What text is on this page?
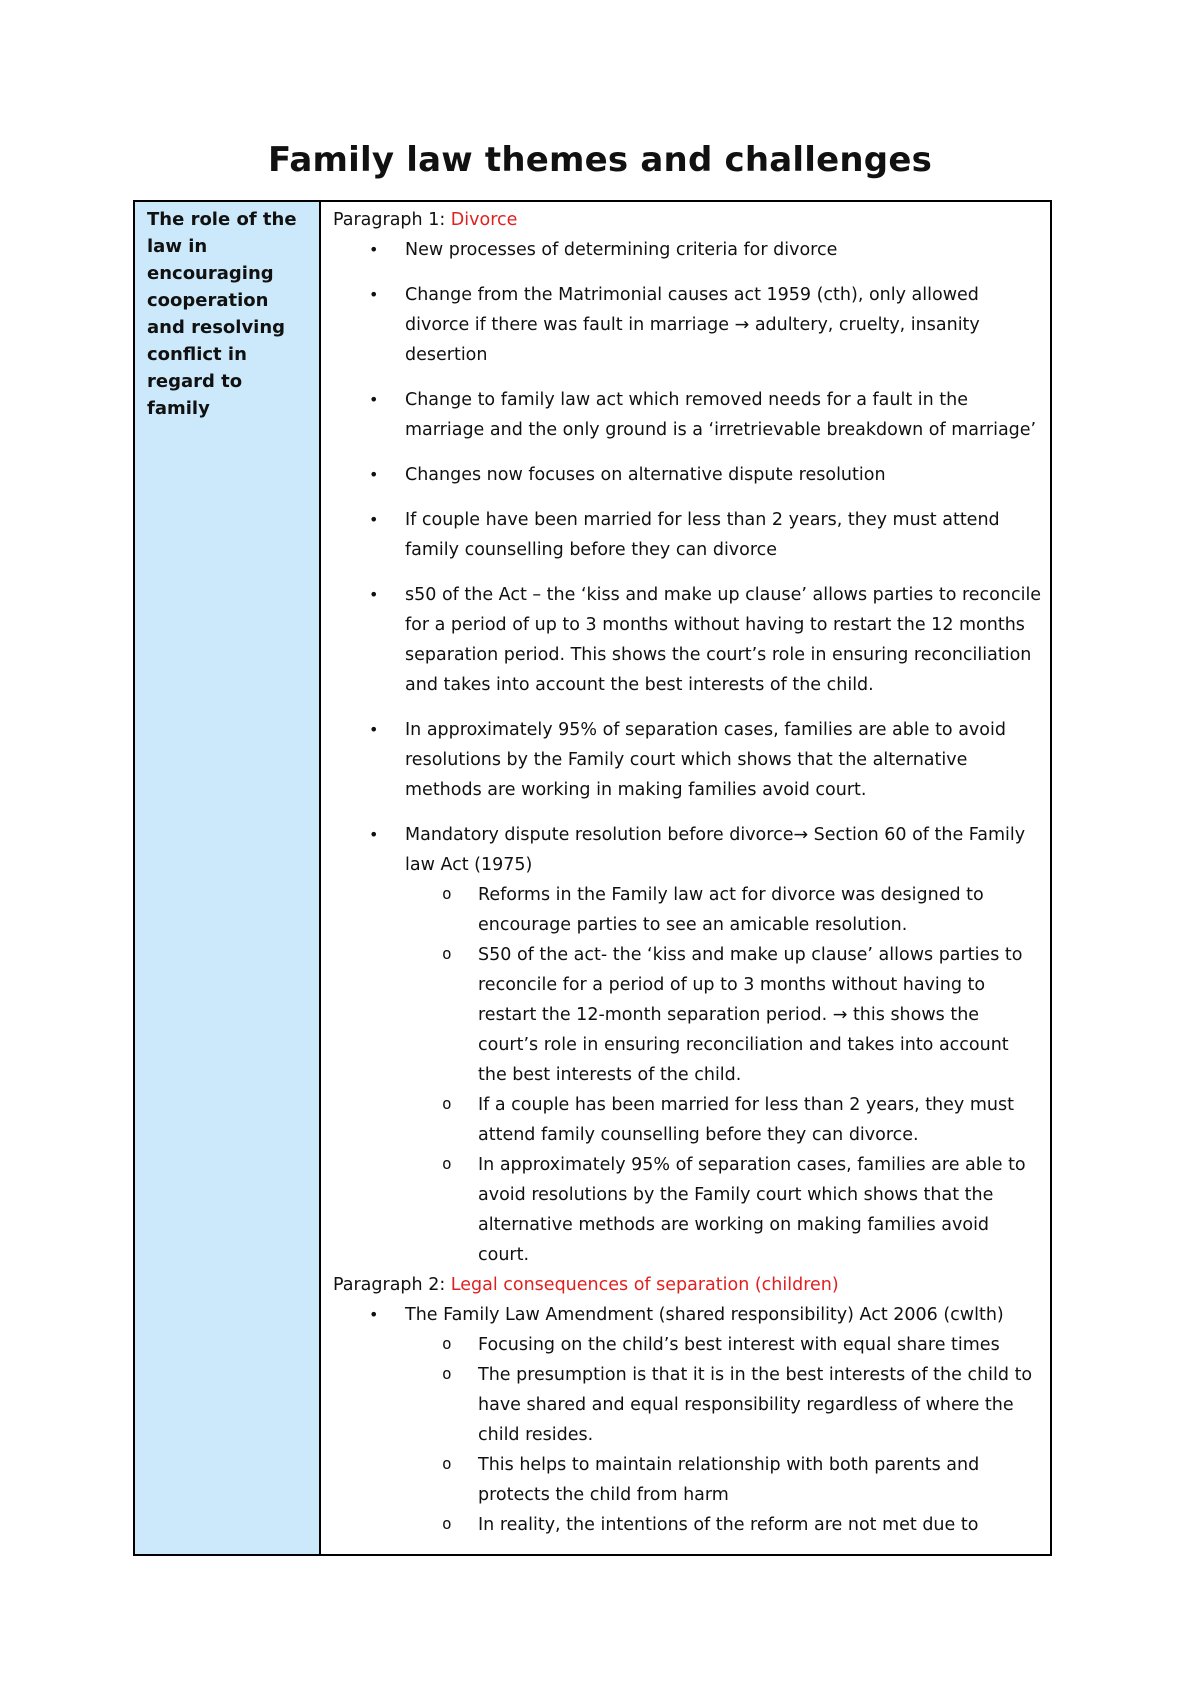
Family law themes and challenges
The role of the law in encouraging cooperation and resolving conflict in regard to family

Paragraph 1: Divorce

• New processes of determining criteria for divorce
• Change from the Matrimonial causes act 1959 (cth), only allowed divorce if there was fault in marriage → adultery, cruelty, insanity desertion
• Change to family law act which removed needs for a fault in the marriage and the only ground is a ‘irretrievable breakdown of marriage’
• Changes now focuses on alternative dispute resolution
• If couple have been married for less than 2 years, they must attend family counselling before they can divorce
• s50 of the Act – the ‘kiss and make up clause’ allows parties to reconcile for a period of up to 3 months without having to restart the 12 months separation period. This shows the court’s role in ensuring reconciliation and takes into account the best interests of the child.
• In approximately 95% of separation cases, families are able to avoid resolutions by the Family court which shows that the alternative methods are working in making families avoid court.
• Mandatory dispute resolution before divorce→ Section 60 of the Family law Act (1975)
o Reforms in the Family law act for divorce was designed to encourage parties to see an amicable resolution.
o S50 of the act- the ‘kiss and make up clause’ allows parties to reconcile for a period of up to 3 months without having to restart the 12-month separation period. → this shows the court’s role in ensuring reconciliation and takes into account the best interests of the child.
o If a couple has been married for less than 2 years, they must attend family counselling before they can divorce.
o In approximately 95% of separation cases, families are able to avoid resolutions by the Family court which shows that the alternative methods are working on making families avoid court.

Paragraph 2: Legal consequences of separation (children)

• The Family Law Amendment (shared responsibility) Act 2006 (cwlth)
o Focusing on the child’s best interest with equal share times
o The presumption is that it is in the best interests of the child to have shared and equal responsibility regardless of where the child resides.
o This helps to maintain relationship with both parents and protects the child from harm
o In reality, the intentions of the reform are not met due to
